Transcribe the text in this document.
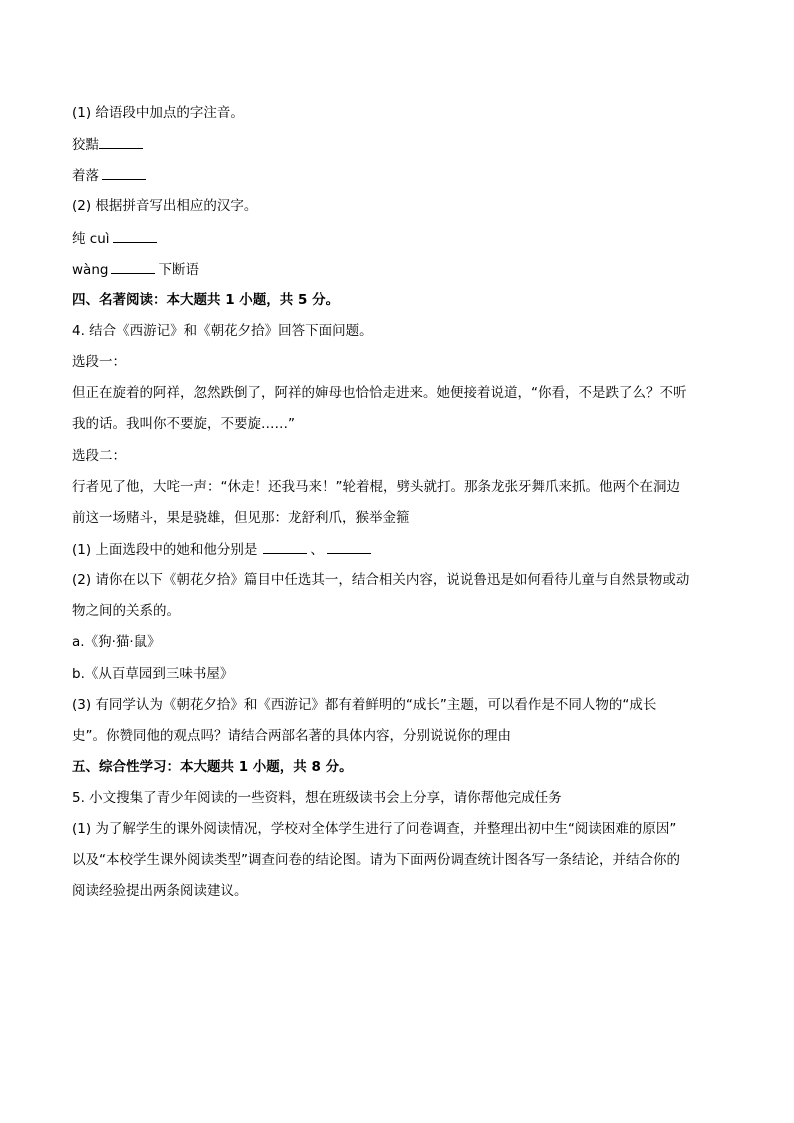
(1) 给语段中加点的字注音。
狡黠
着落
(2) 根据拼音写出相应的汉字。
纯 cuì
wàng	下断语
四、名著阅读：本大题共 1 小题，共 5 分。
4. 结合《西游记》和《朝花夕拾》回答下面问题。
选段一：
但正在旋着的阿祥，忽然跌倒了，阿祥的婶母也恰恰走进来。她便接着说道，“你看，不是跌了么？不听
我的话。我叫你不要旋，不要旋……”
选段二：
行者见了他，大咤一声：“休走！还我马来！”轮着棍，劈头就打。那条龙张牙舞爪来抓。他两个在洞边
前这一场赌斗，果是骁雄，但见那：龙舒利爪，猴举金箍
(1) 上面选段中的她和他分别是	、
(2) 请你在以下《朝花夕拾》篇目中任选其一，结合相关内容，说说鲁迅是如何看待儿童与自然景物或动
物之间的关系的。
a.《狗·猫·鼠》
b.《从百草园到三味书屋》
(3) 有同学认为《朝花夕拾》和《西游记》都有着鲜明的“成长”主题，可以看作是不同人物的“成长
史”。你赞同他的观点吗？请结合两部名著的具体内容，分别说说你的理由
五、综合性学习：本大题共 1 小题，共 8 分。
5. 小文搜集了青少年阅读的一些资料，想在班级读书会上分享，请你帮他完成任务
(1) 为了解学生的课外阅读情况，学校对全体学生进行了问卷调查，并整理出初中生“阅读困难的原因”
以及“本校学生课外阅读类型”调查问卷的结论图。请为下面两份调查统计图各写一条结论，并结合你的
阅读经验提出两条阅读建议。
